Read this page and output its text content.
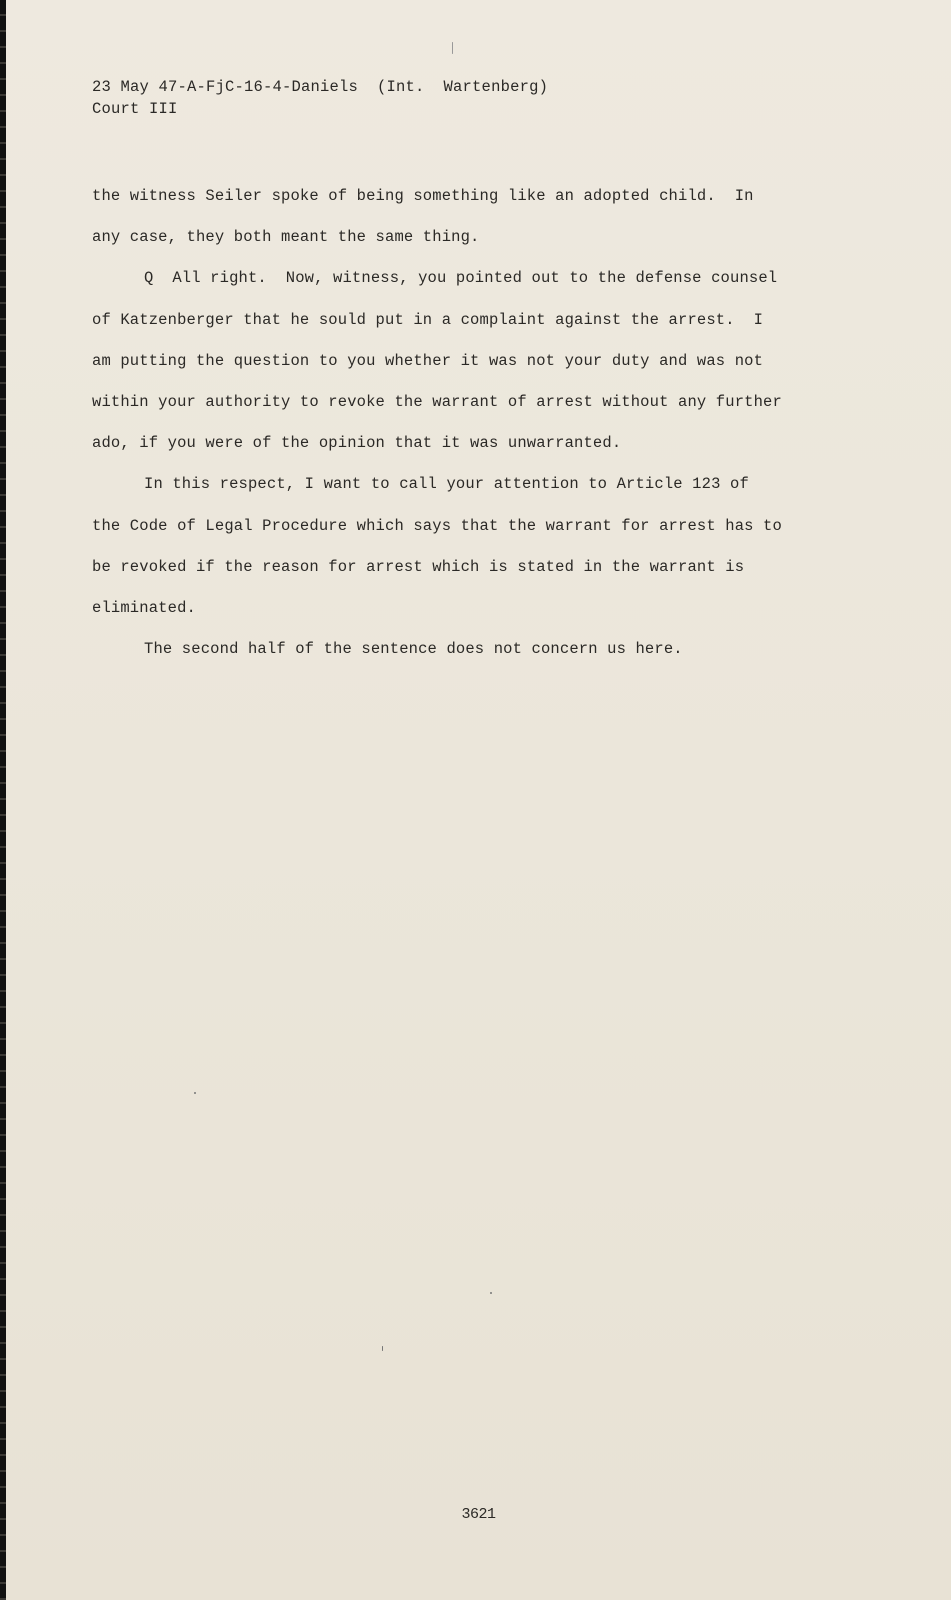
23 May 47-A-FjC-16-4-Daniels  (Int.  Wartenberg)
Court III
the witness Seiler spoke of being something like an adopted child.  In
any case, they both meant the same thing.
Q  All right.  Now, witness, you pointed out to the defense counsel
of Katzenberger that he sould put in a complaint against the arrest.  I
am putting the question to you whether it was not your duty and was not
within your authority to revoke the warrant of arrest without any further
ado, if you were of the opinion that it was unwarranted.
In this respect, I want to call your attention to Article 123 of
the Code of Legal Procedure which says that the warrant for arrest has to
be revoked if the reason for arrest which is stated in the warrant is
eliminated.
The second half of the sentence does not concern us here.
3621
